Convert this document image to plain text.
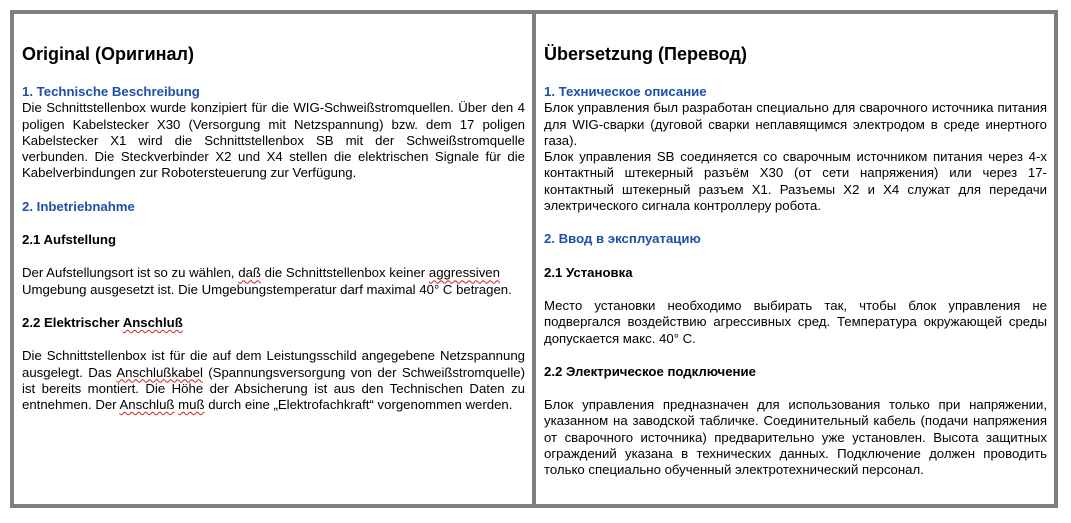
Original (Оригинал)

1. Technische Beschreibung

Die Schnittstellenbox wurde konzipiert für die WIG-Schweißstromquellen. Über den 4 poligen Kabelstecker X30 (Versorgung mit Netzspannung) bzw. dem 17 poligen Kabelstecker X1 wird die Schnittstellenbox SB mit der Schweißstromquelle verbunden. Die Steckverbinder X2 und X4 stellen die elektrischen Signale für die Kabelverbindungen zur Robotersteuerung zur Verfügung.

2. Inbetriebnahme

2.1 Aufstellung

Der Aufstellungsort ist so zu wählen, daß die Schnittstellenbox keiner aggressiven Umgebung ausgesetzt ist. Die Umgebungstemperatur darf maximal 40° C betragen.

2.2 Elektrischer Anschluß

Die Schnittstellenbox ist für die auf dem Leistungsschild angegebene Netzspannung ausgelegt. Das Anschlußkabel (Spannungsversorgung von der Schweißstromquelle) ist bereits montiert. Die Höhe der Absicherung ist aus den Technischen Daten zu entnehmen. Der Anschluß muß durch eine „Elektrofachkraft“ vorgenommen werden.

Übersetzung (Перевод)

1. Техническое описание

Блок управления был разработан специально для сварочного источника питания для WIG-сварки (дуговой сварки неплавящимся электродом в среде инертного газа).

Блок управления SB соединяется со сварочным источником питания через 4-х контактный штекерный разъём X30 (от сети напряжения) или через 17-контактный штекерный разъем X1. Разъемы X2 и X4 служат для передачи электрического сигнала контроллеру робота.

2. Ввод в эксплуатацию

2.1 Установка

Место установки необходимо выбирать так, чтобы блок управления не подвергался воздействию агрессивных сред. Температура окружающей среды допускается макс. 40° С.

2.2 Электрическое подключение

Блок управления предназначен для использования только при напряжении, указанном на заводской табличке. Соединительный кабель (подачи напряжения от сварочного источника) предварительно уже установлен. Высота защитных ограждений указана в технических данных. Подключение должен проводить только специально обученный электротехнический персонал.
